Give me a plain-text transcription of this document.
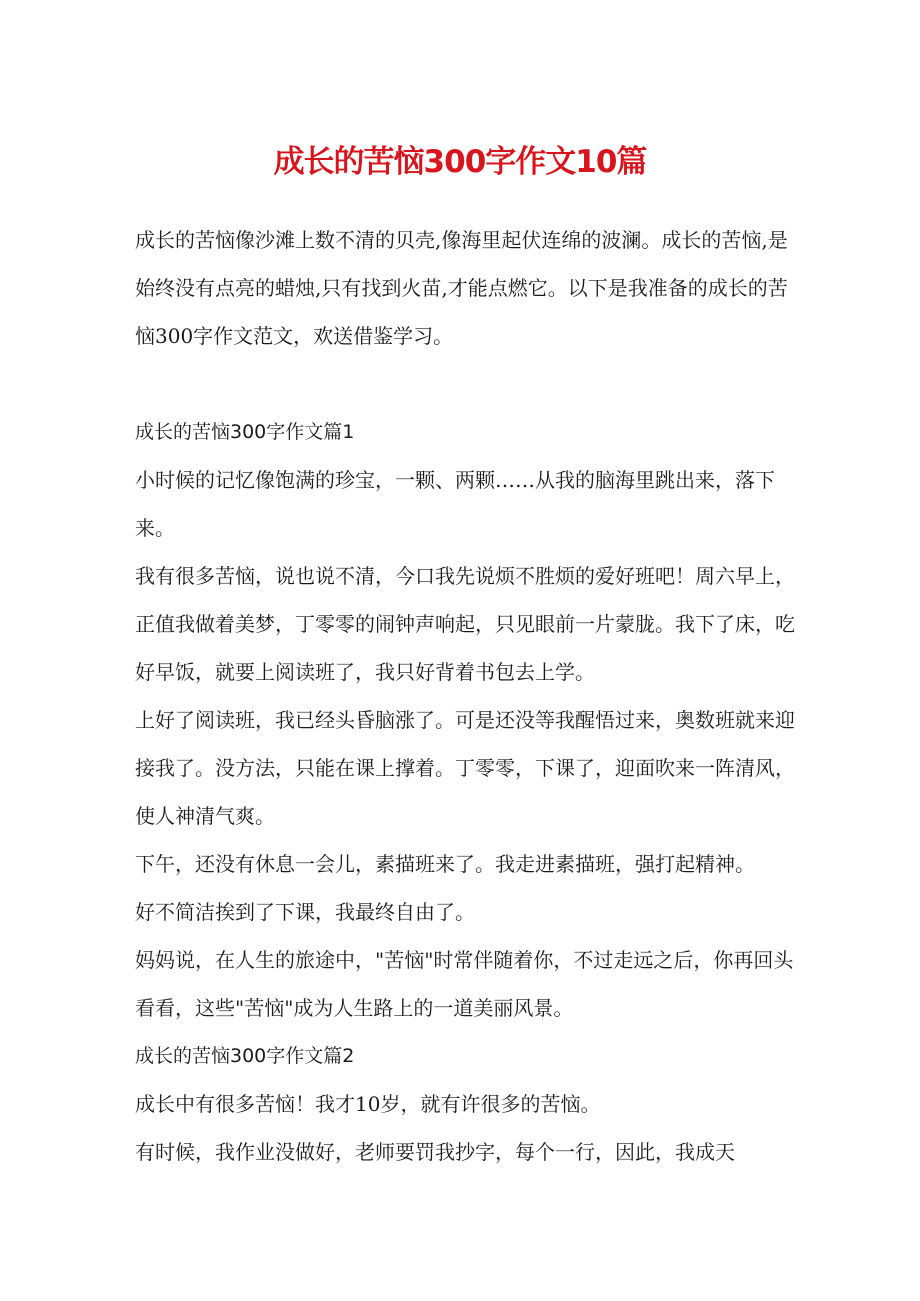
成长的苦恼300字作文10篇

成长的苦恼像沙滩上数不清的贝壳,像海里起伏连绵的波澜。成长的苦恼,是始终没有点亮的蜡烛,只有找到火苗,才能点燃它。以下是我准备的成长的苦恼300字作文范文，欢送借鉴学习。

成长的苦恼300字作文篇1

小时候的记忆像饱满的珍宝，一颗、两颗……从我的脑海里跳出来，落下来。

我有很多苦恼，说也说不清，今口我先说烦不胜烦的爱好班吧！周六早上，正值我做着美梦，丁零零的闹钟声响起，只见眼前一片蒙胧。我下了床，吃好早饭，就要上阅读班了，我只好背着书包去上学。

上好了阅读班，我已经头昏脑涨了。可是还没等我醒悟过来，奥数班就来迎接我了。没方法，只能在课上撑着。丁零零，下课了，迎面吹来一阵清风，使人神清气爽。

下午，还没有休息一会儿，素描班来了。我走进素描班，强打起精神。

好不简洁挨到了下课，我最终自由了。

妈妈说，在人生的旅途中，"苦恼"时常伴随着你，不过走远之后，你再回头看看，这些"苦恼"成为人生路上的一道美丽风景。

成长的苦恼300字作文篇2

成长中有很多苦恼！我才10岁，就有许很多的苦恼。

有时候，我作业没做好，老师要罚我抄字，每个一行，因此，我成天
